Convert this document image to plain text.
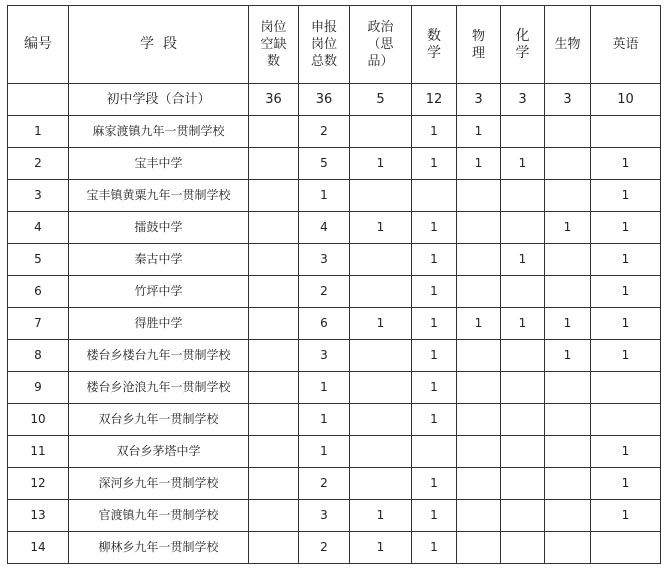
编号	学  段	岗位
空缺
数	申报
岗位
总数	政治
（思
品）	数
学	物
理	化
学	生物	英语
	初中学段（合计）	36	36	5	12	3	3	3	10
1	麻家渡镇九年一贯制学校		2		1	1			
2	宝丰中学		5	1	1	1	1		1
3	宝丰镇黄粟九年一贯制学校		1						1
4	擂鼓中学		4	1	1			1	1
5	秦古中学		3		1		1		1
6	竹坪中学		2		1				1
7	得胜中学		6	1	1	1	1	1	1
8	楼台乡楼台九年一贯制学校		3		1			1	1
9	楼台乡沧浪九年一贯制学校		1		1				
10	双台乡九年一贯制学校		1		1				
11	双台乡茅塔中学		1						1
12	深河乡九年一贯制学校		2		1				1
13	官渡镇九年一贯制学校		3	1	1				1
14	柳林乡九年一贯制学校		2	1	1				
